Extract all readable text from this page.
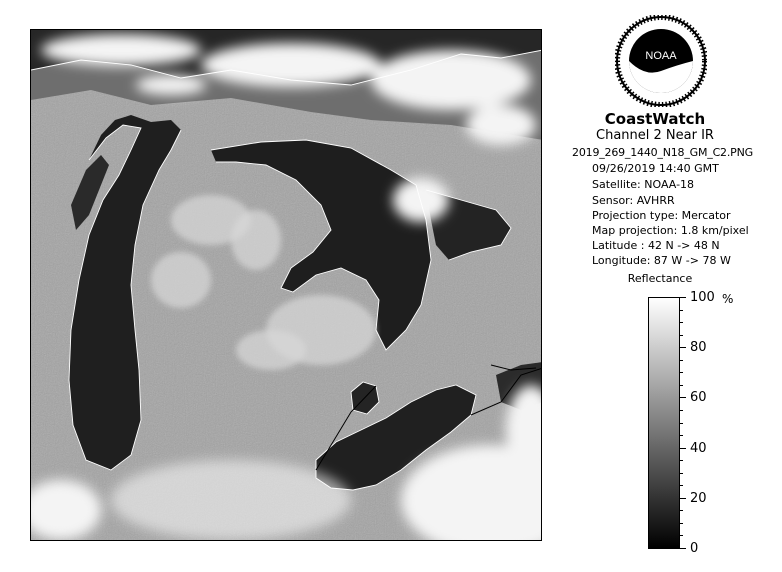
NOAA
CoastWatch
Channel 2 Near IR
2019_269_1440_N18_GM_C2.PNG
09/26/2019 14:40 GMT
Satellite: NOAA-18
Sensor: AVHRR
Projection type: Mercator
Map projection: 1.8 km/pixel
Latitude : 42 N -> 48 N
Longitude: 87 W -> 78 W
Reflectance
%
100
80
60
40
20
0
